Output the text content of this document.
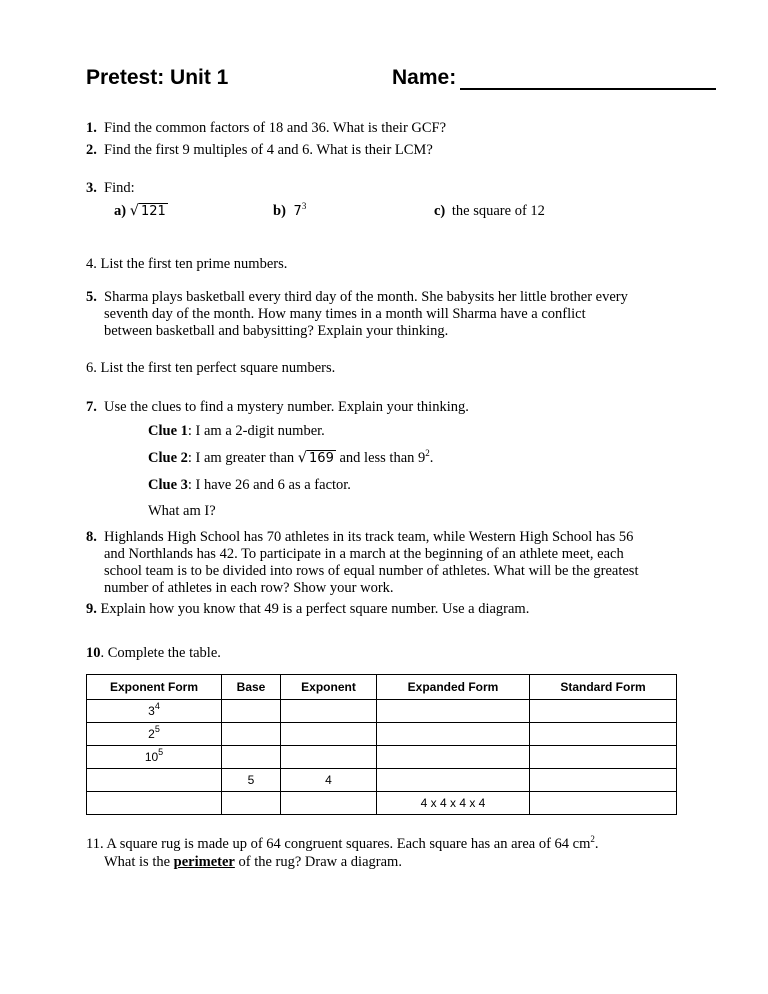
Pretest: Unit 1	Name:
1. Find the common factors of 18 and 36. What is their GCF?
2. Find the first 9 multiples of 4 and 6. What is their LCM?
3. Find:
a) √ 121	b) $7^3$	c) the square of 12
4. List the first ten prime numbers.
5. Sharma plays basketball every third day of the month. She babysits her little brother every seventh day of the month. How many times in a month will Sharma have a conflict between basketball and babysitting? Explain your thinking.
6. List the first ten perfect square numbers.
7. Use the clues to find a mystery number. Explain your thinking.
Clue 1: I am a 2-digit number.
Clue 2: I am greater than √ 169 and less than $9^2$.
Clue 3: I have 26 and 6 as a factor.
What am I?
8. Highlands High School has 70 athletes in its track team, while Western High School has 56 and Northlands has 42. To participate in a march at the beginning of an athlete meet, each school team is to be divided into rows of equal number of athletes. What will be the greatest number of athletes in each row? Show your work.
9. Explain how you know that 49 is a perfect square number. Use a diagram.
10. Complete the table.
Exponent Form	Base	Exponent	Expanded Form	Standard Form
$3^4$				
$2^5$				
$10^5$				
	5	4		
			4 x 4 x 4 x 4	
11. A square rug is made up of 64 congruent squares. Each square has an area of 64 $cm^2$.
What is the perimeter of the rug? Draw a diagram.
